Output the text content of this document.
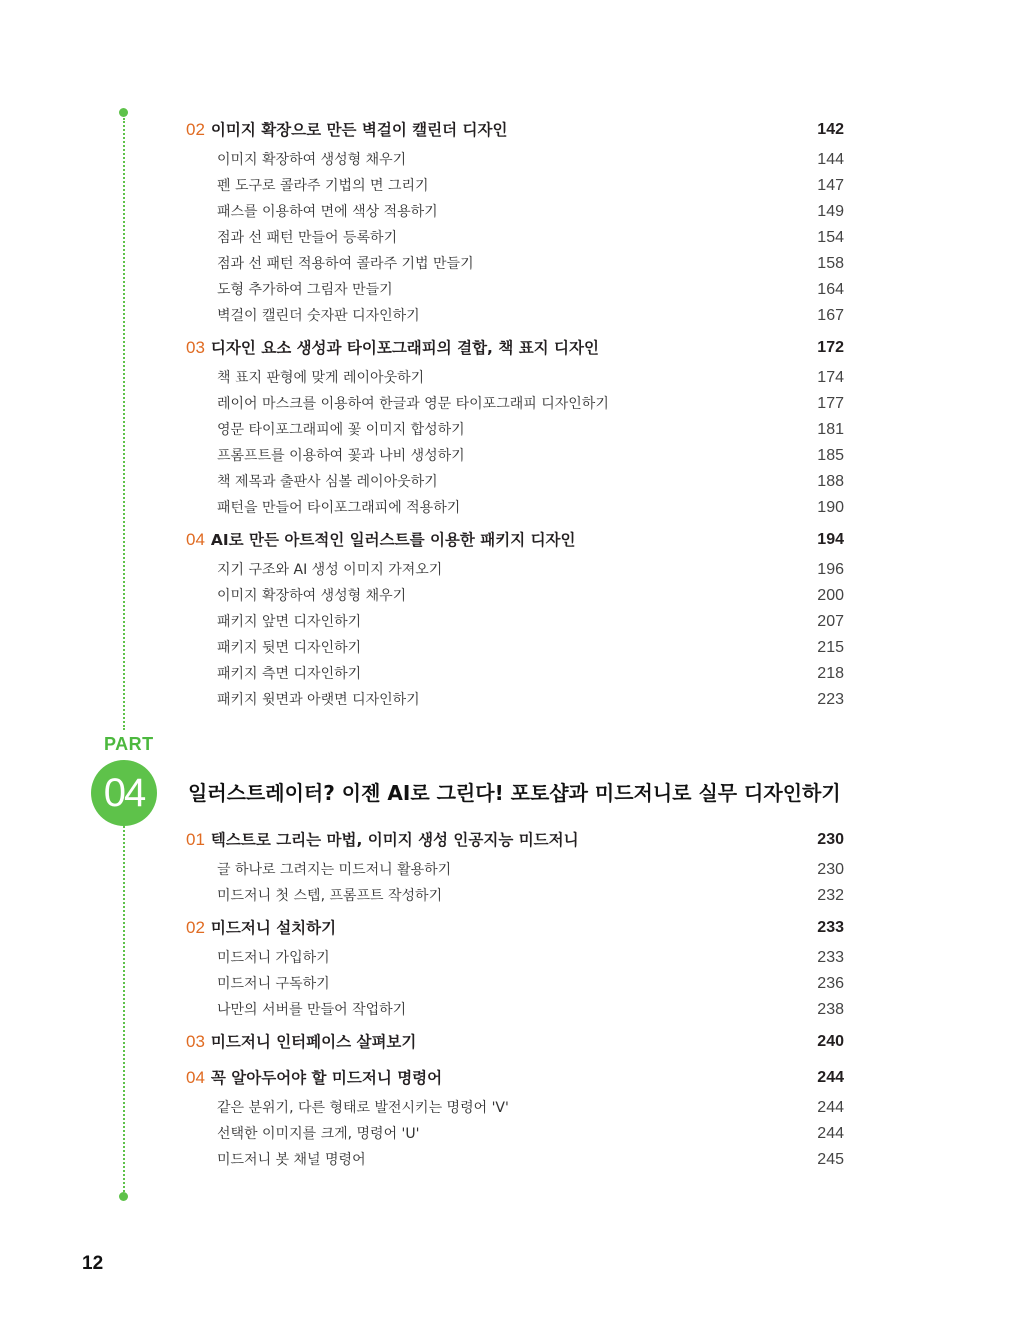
02 이미지 확장으로 만든 벽걸이 캘린더 디자인	142
이미지 확장하여 생성형 채우기	144
펜 도구로 콜라주 기법의 면 그리기	147
패스를 이용하여 면에 색상 적용하기	149
점과 선 패턴 만들어 등록하기	154
점과 선 패턴 적용하여 콜라주 기법 만들기	158
도형 추가하여 그림자 만들기	164
벽걸이 캘린더 숫자판 디자인하기	167
03 디자인 요소 생성과 타이포그래피의 결합, 책 표지 디자인	172
책 표지 판형에 맞게 레이아웃하기	174
레이어 마스크를 이용하여 한글과 영문 타이포그래피 디자인하기	177
영문 타이포그래피에 꽃 이미지 합성하기	181
프롬프트를 이용하여 꽃과 나비 생성하기	185
책 제목과 출판사 심볼 레이아웃하기	188
패턴을 만들어 타이포그래피에 적용하기	190
04 AI로 만든 아트적인 일러스트를 이용한 패키지 디자인	194
지기 구조와 AI 생성 이미지 가져오기	196
이미지 확장하여 생성형 채우기	200
패키지 앞면 디자인하기	207
패키지 뒷면 디자인하기	215
패키지 측면 디자인하기	218
패키지 윗면과 아랫면 디자인하기	223
PART
04	일러스트레이터? 이젠 AI로 그린다! 포토샵과 미드저니로 실무 디자인하기
01 텍스트로 그리는 마법, 이미지 생성 인공지능 미드저니	230
글 하나로 그려지는 미드저니 활용하기	230
미드저니 첫 스텝, 프롬프트 작성하기	232
02 미드저니 설치하기	233
미드저니 가입하기	233
미드저니 구독하기	236
나만의 서버를 만들어 작업하기	238
03 미드저니 인터페이스 살펴보기	240
04 꼭 알아두어야 할 미드저니 명령어	244
같은 분위기, 다른 형태로 발전시키는 명령어 'V'	244
선택한 이미지를 크게, 명령어 'U'	244
미드저니 봇 채널 명령어	245
12
